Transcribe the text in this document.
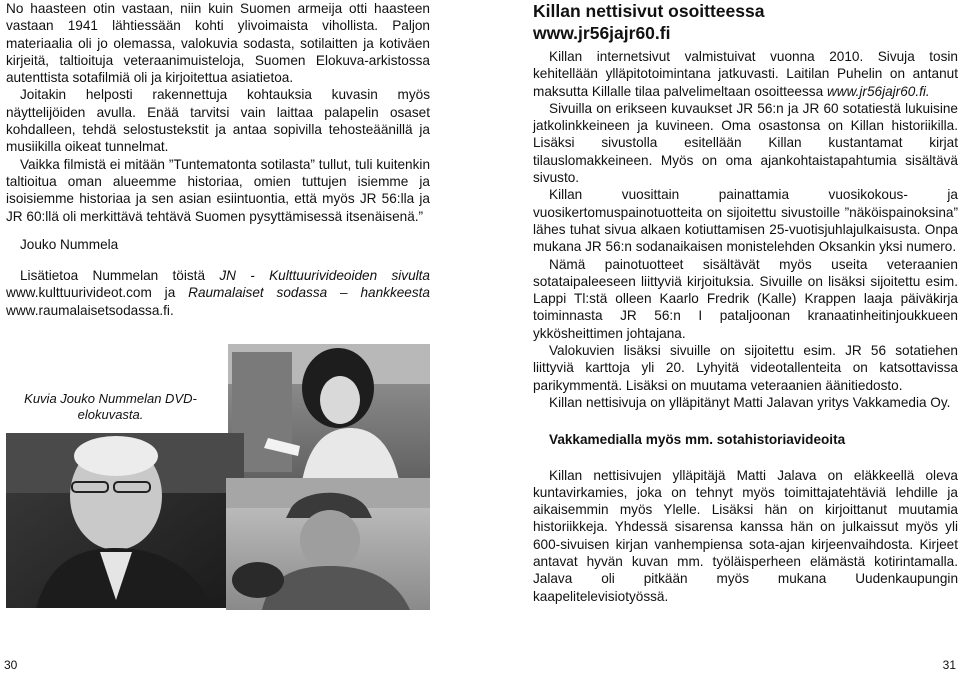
No haasteen otin vastaan, niin kuin Suomen armeija otti haasteen vastaan 1941 lähtiessään kohti ylivoimaista vihollista. Paljon materiaalia oli jo olemassa, valokuvia sodasta, sotilaitten ja kotiväen kirjeitä, taltioituja veteraanimuisteloja, Suomen Elokuva-arkistossa autenttista sotafilmiä oli ja kirjoitettua asiatietoa.

Joitakin helposti rakennettuja kohtauksia kuvasin myös näyttelijöiden avulla. Enää tarvitsi vain laittaa palapelin osaset kohdalleen, tehdä selostustekstit ja antaa sopivilla tehosteäänillä ja musiikilla oikeat tunnelmat.

Vaikka filmistä ei mitään ”Tuntematonta sotilasta” tullut, tuli kuitenkin taltioitua oman alueemme historiaa, omien tuttujen isiemme ja isoisiemme historiaa ja sen asian esiintuontia, että myös JR 56:lla ja JR 60:llä oli merkittävä tehtävä Suomen pysyttämisessä itsenäisenä.”

Jouko Nummela

Lisätietoa Nummelan töistä JN - Kulttuurivideoiden sivulta www.kulttuurivideot.com ja Raumalaiset sodassa – hankkeesta www.raumalaisetsodassa.fi.

Kuvia Jouko Nummelan DVD-elokuvasta.
Killan nettisivut osoitteessa
www.jr56jajr60.fi

Killan internetsivut valmistuivat vuonna 2010. Sivuja tosin kehitellään ylläpitotoimintana jatkuvasti. Laitilan Puhelin on antanut maksutta Killalle tilaa palvelimeltaan osoitteessa www.jr56jajr60.fi.

Sivuilla on erikseen kuvaukset JR 56:n ja JR 60 sotatiestä lukuisine jatkolinkkeineen ja kuvineen. Oma osastonsa on Killan historiikilla. Lisäksi sivustolla esitellään Killan kustantamat kirjat tilauslomakkeineen. Myös on oma ajankohtaistapahtumia sisältävä sivusto.

Killan vuosittain painattamia vuosikokous- ja vuosikertomuspainotuotteita on sijoitettu sivustoille ”näköispainoksina” lähes tuhat sivua alkaen kotiuttamisen 25-vuotisjuhlajulkaisusta. Onpa mukana JR 56:n sodanaikaisen monistelehden Oksankin yksi numero.

Nämä painotuotteet sisältävät myös useita veteraanien sotataipaleeseen liittyviä kirjoituksia. Sivuille on lisäksi sijoitettu esim. Lappi Tl:stä olleen Kaarlo Fredrik (Kalle) Krappen laaja päiväkirja toiminnasta JR 56:n I pataljoonan kranaatinheitinjoukkueen ykkösheittimen johtajana.

Valokuvien lisäksi sivuille on sijoitettu esim. JR 56 sotatiehen liittyviä karttoja yli 20. Lyhyitä videotallenteita on katsottavissa parikymmentä. Lisäksi on muutama veteraanien äänitiedosto.

Killan nettisivuja on ylläpitänyt Matti Jalavan yritys Vakkamedia Oy.

Vakkamedialla myös mm. sotahistoriavideoita

Killan nettisivujen ylläpitäjä Matti Jalava on eläkkeellä oleva kuntavirkamies, joka on tehnyt myös toimittajatehtäviä lehdille ja aikaisemmin myös Ylelle. Lisäksi hän on kirjoittanut muutamia historiikkeja. Yhdessä sisarensa kanssa hän on julkaissut myös yli 600-sivuisen kirjan vanhempiensa sota-ajan kirjeenvaihdosta. Kirjeet antavat hyvän kuvan mm. työläisperheen elämästä kotirintamalla. Jalava oli pitkään myös mukana Uudenkaupungin kaapelitelevisiotyössä.

30	31
